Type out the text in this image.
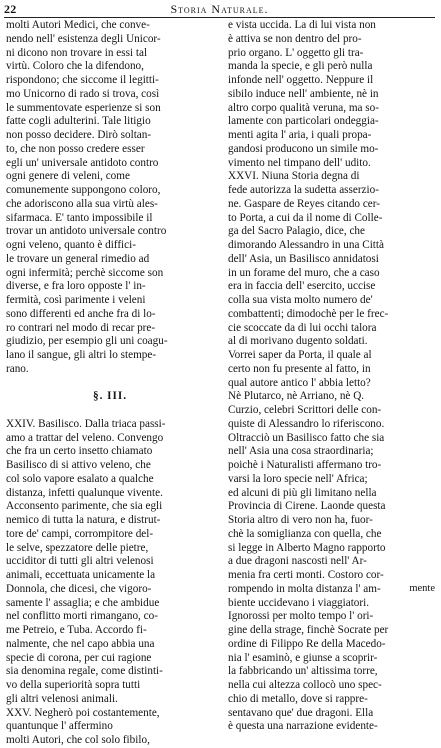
22	Storia Naturale.
molti Autori Medici, che conve-
nendo nell' esistenza degli Unicor-
ni dicono non trovare in essi tal
virtù. Coloro che la difendono,
rispondono; che siccome il legitti-
mo Unicorno di rado si trova, così
le summentovate esperienze si son
fatte cogli adulterini. Tale litigio
non posso decidere. Dirò soltan-
to, che non posso credere esser
egli un' universale antidoto contro
ogni genere di veleni, come
comunemente suppongono coloro,
che adoriscono alla sua virtù ales-
sifarmaca. E' tanto impossibile il
trovar un antidoto universale contro
ogni veleno, quanto è diffici-
le trovare un general rimedio ad
ogni infermità; perchè siccome son
diverse, e fra loro opposte l' in-
fermità, così parimente i veleni
sono differenti ed anche fra di lo-
ro contrari nel modo di recar pre-
giudizio, per esempio gli uni coagu-
lano il sangue, gli altri lo stempe-
rano.

§. III.

XXIV. Basilisco. Dalla triaca passi-
amo a trattar del veleno. Convengo
che fra un certo insetto chiamato
Basilisco di si attivo veleno, che
col solo vapore esalato a qualche
distanza, infetti qualunque vivente.
Acconsento parimente, che sia egli
nemico di tutta la natura, e distrut-
tore de' campi, corrompitore del-
le selve, spezzatore delle pietre,
ucciditor di tutti gli altri velenosi
animali, eccettuata unicamente la
Donnola, che dicesi, che vigoro-
samente l' assaglia; e che ambidue
nel conflitto morti rimangano, co-
me Petreio, e Tuba. Accordo fi-
nalmente, che nel capo abbia una
specie di corona, per cui ragione
sia denomina regale, come distinti-
vo della superiorità sopra tutti
gli altri velenosi animali.
XXV. Negherò poi costantemente,
quantunque l' affermino
molti Autori, che col solo fibilo,
e vista uccida. La di lui vista non
è attiva se non dentro del pro-
prio organo. L' oggetto gli tra-
manda la specie, e gli però nulla
infonde nell' oggetto. Neppure il
sibilo induce nell' ambiente, nè in
altro corpo qualità veruna, ma so-
lamente con particolari ondeggia-
menti agita l' aria, i quali propa-
gandosi producono un simile mo-
vimento nel timpano dell' udito.
XXVI. Niuna Storia degna di
fede autorizza la sudetta asserzio-
ne. Gaspare de Reyes citando cer-
to Porta, a cui da il nome di Colle-
ga del Sacro Palagio, dice, che
dimorando Alessandro in una Città
dell' Asia, un Basilisco annidatosi
in un forame del muro, che a caso
era in faccia dell' esercito, uccise
colla sua vista molto numero de'
combattenti; dimodochè per le frec-
cie scoccate da di lui occhi talora
al di morivano dugento soldati.
Vorrei saper da Porta, il quale al
certo non fu presente al fatto, in
qual autore antico l' abbia letto?
Nè Plutarco, nè Arriano, nè Q.
Curzio, celebri Scrittori delle con-
quiste di Alessandro lo riferiscono.
Oltracciò un Basilisco fatto che sia
nell' Asia una cosa straordinaria;
poichè i Naturalisti affermano tro-
varsi la loro specie nell' Africa;
ed alcuni di più gli limitano nella
Provincia di Cirene. Laonde questa
Storia altro di vero non ha, fuor-
chè la somiglianza con quella, che
si legge in Alberto Magno rapporto
a due dragoni nascosti nell' Ar-
menia fra certi monti. Costoro cor-
rompendo in molta distanza l' am-
biente uccidevano i viaggiatori.
Ignorossi per molto tempo l' ori-
gine della strage, finchè Socrate per
ordine di Filippo Re della Macedo-
nia l' esaminò, e giunse a scoprir-
la fabbricando un' altissima torre,
nella cui altezza collocò uno spec-
chio di metallo, dove si rappre-
sentavano que' due dragoni. Ella
è questa una narrazione evidente-
mente
